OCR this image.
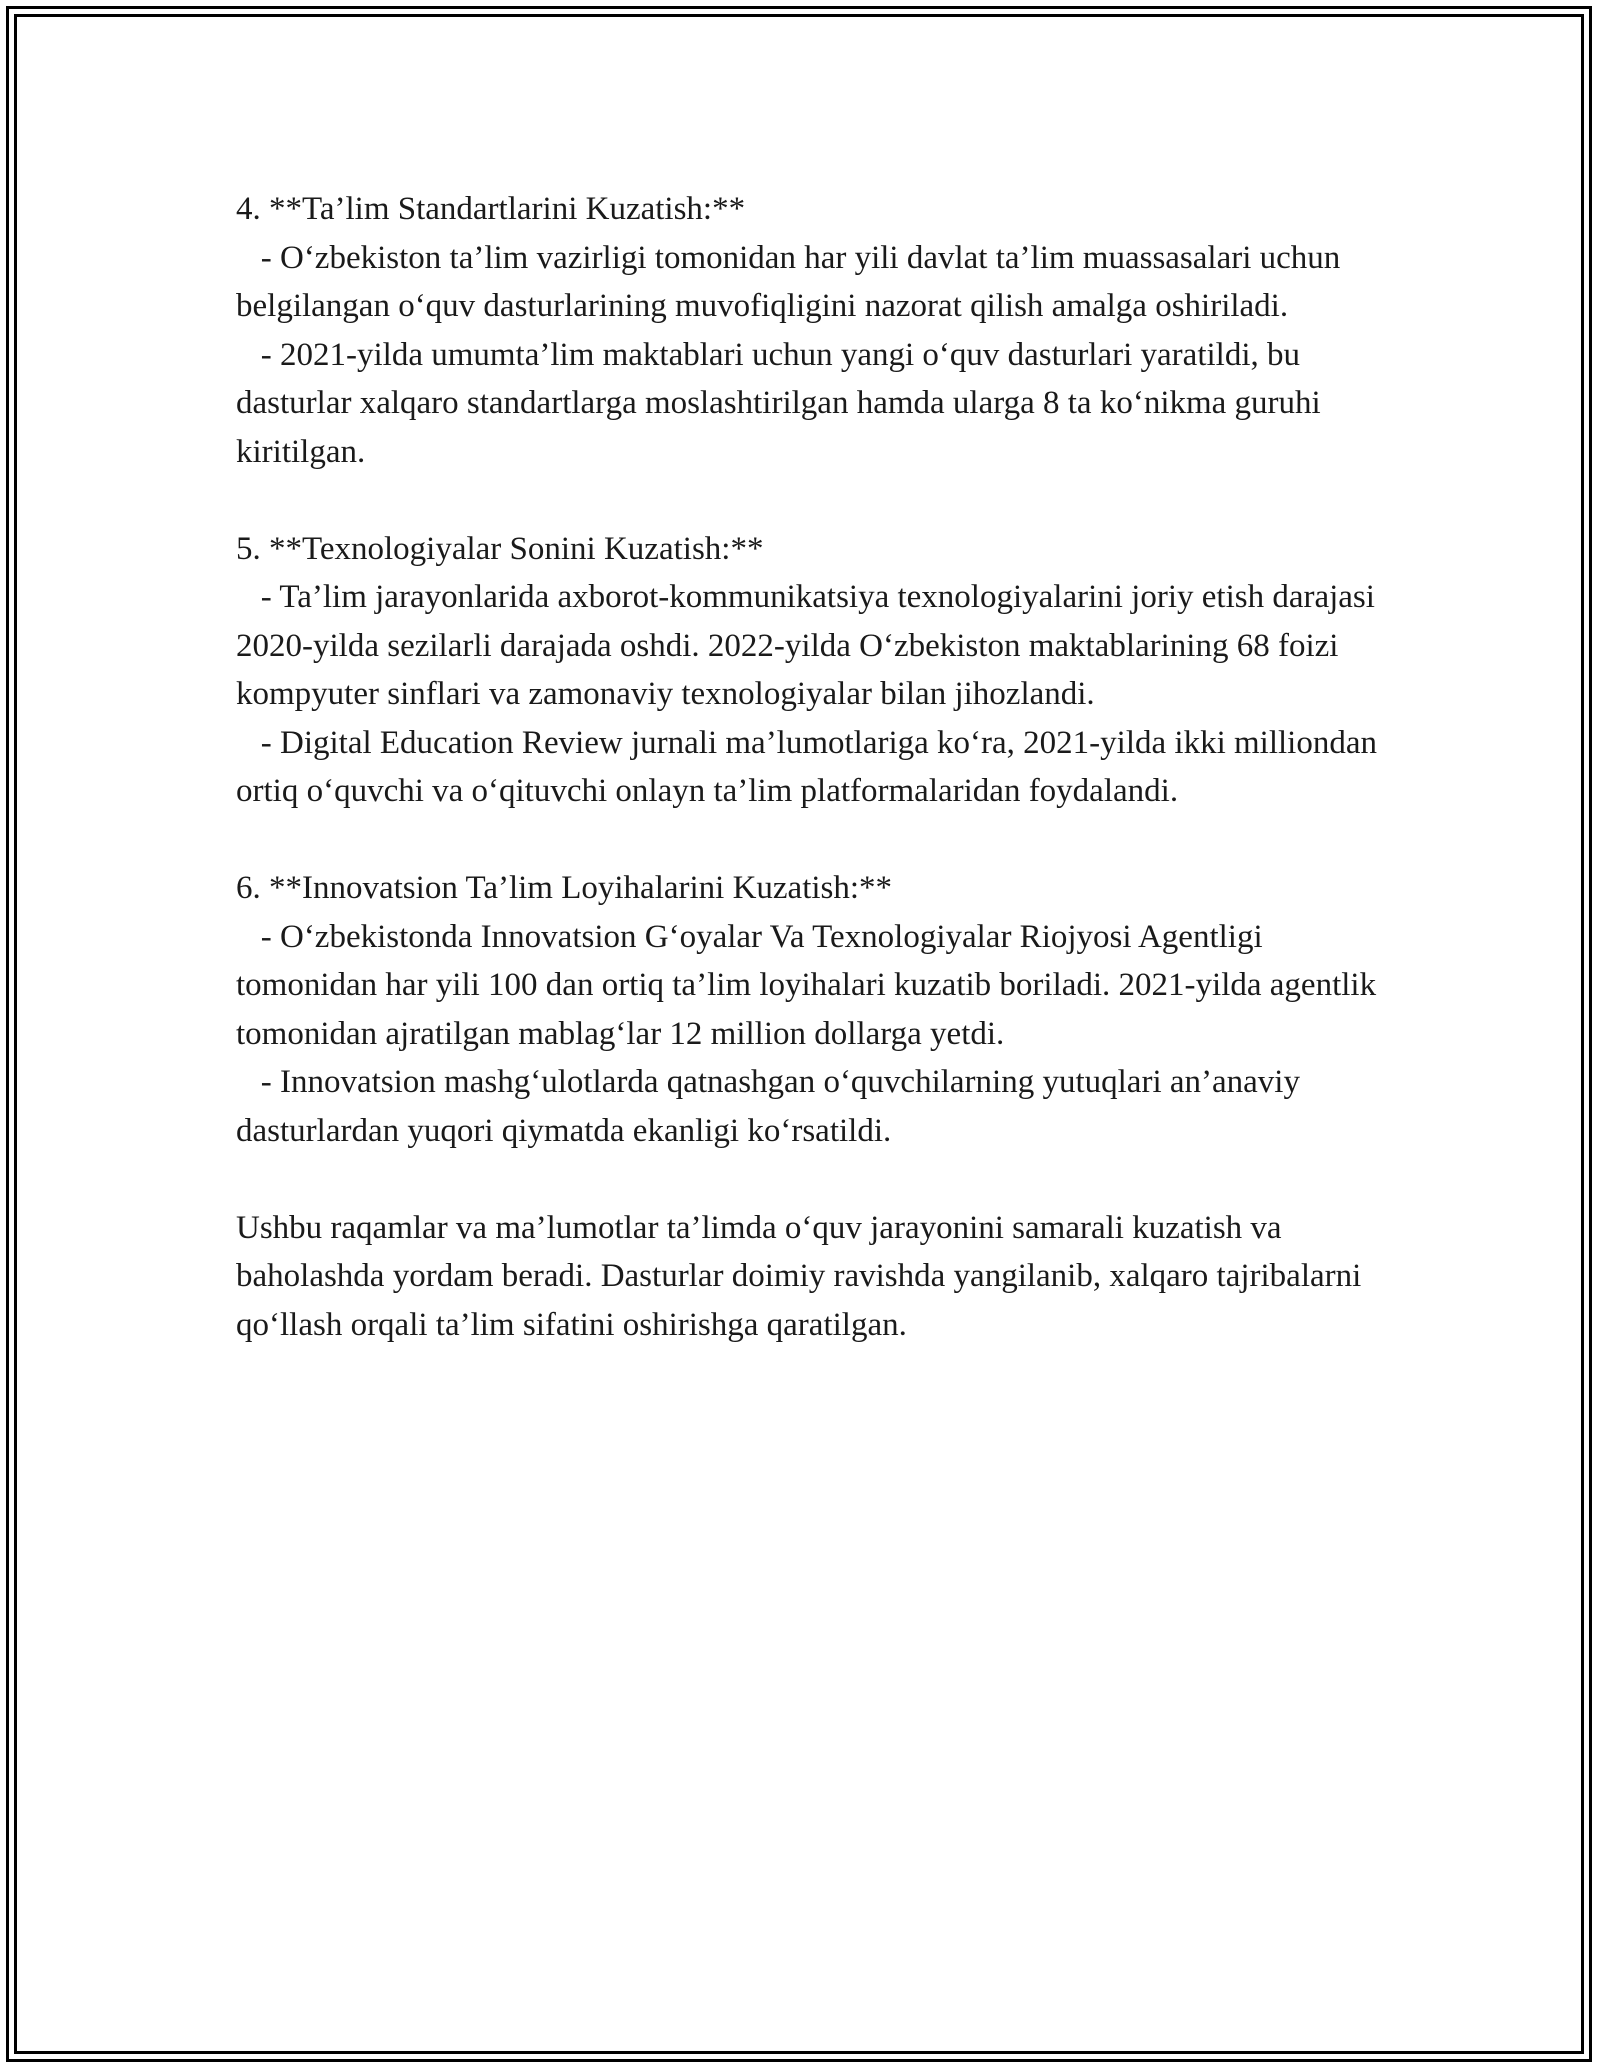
4. **Ta’lim Standartlarini Kuzatish:**

- O‘zbekiston ta’lim vazirligi tomonidan har yili davlat ta’lim muassasalari uchun belgilangan o‘quv dasturlarining muvofiqligini nazorat qilish amalga oshiriladi.

- 2021-yilda umumta’lim maktablari uchun yangi o‘quv dasturlari yaratildi, bu dasturlar xalqaro standartlarga moslashtirilgan hamda ularga 8 ta ko‘nikma guruhi kiritilgan.

5. **Texnologiyalar Sonini Kuzatish:**

- Ta’lim jarayonlarida axborot-kommunikatsiya texnologiyalarini joriy etish darajasi 2020-yilda sezilarli darajada oshdi. 2022-yilda O‘zbekiston maktablarining 68 foizi kompyuter sinflari va zamonaviy texnologiyalar bilan jihozlandi.

- Digital Education Review jurnali ma’lumotlariga ko‘ra, 2021-yilda ikki milliondan ortiq o‘quvchi va o‘qituvchi onlayn ta’lim platformalaridan foydalandi.

6. **Innovatsion Ta’lim Loyihalarini Kuzatish:**

- O‘zbekistonda Innovatsion G‘oyalar Va Texnologiyalar Riojyosi Agentligi tomonidan har yili 100 dan ortiq ta’lim loyihalari kuzatib boriladi. 2021-yilda agentlik tomonidan ajratilgan mablag‘lar 12 million dollarga yetdi.

- Innovatsion mashg‘ulotlarda qatnashgan o‘quvchilarning yutuqlari an’anaviy dasturlardan yuqori qiymatda ekanligi ko‘rsatildi.

Ushbu raqamlar va ma’lumotlar ta’limda o‘quv jarayonini samarali kuzatish va baholashda yordam beradi. Dasturlar doimiy ravishda yangilanib, xalqaro tajribalarni qo‘llash orqali ta’lim sifatini oshirishga qaratilgan.
